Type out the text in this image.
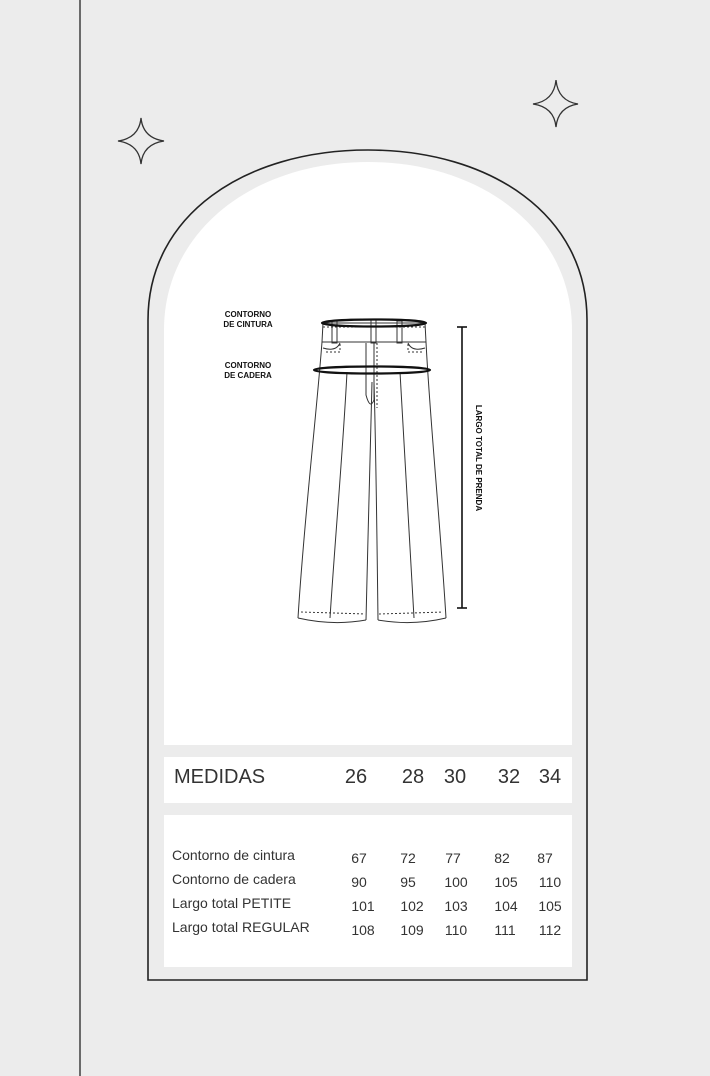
CONTORNO
DE CINTURA
CONTORNO
DE CADERA
LARGO TOTAL DE PRENDA
MEDIDAS	26	28 30	32 34
Contorno de cintura	67	72	77	82	87
Contorno de cadera	90	95	100	105	110
Largo total PETITE	101	102	103	104	105
Largo total REGULAR	108	109	110	111	112
